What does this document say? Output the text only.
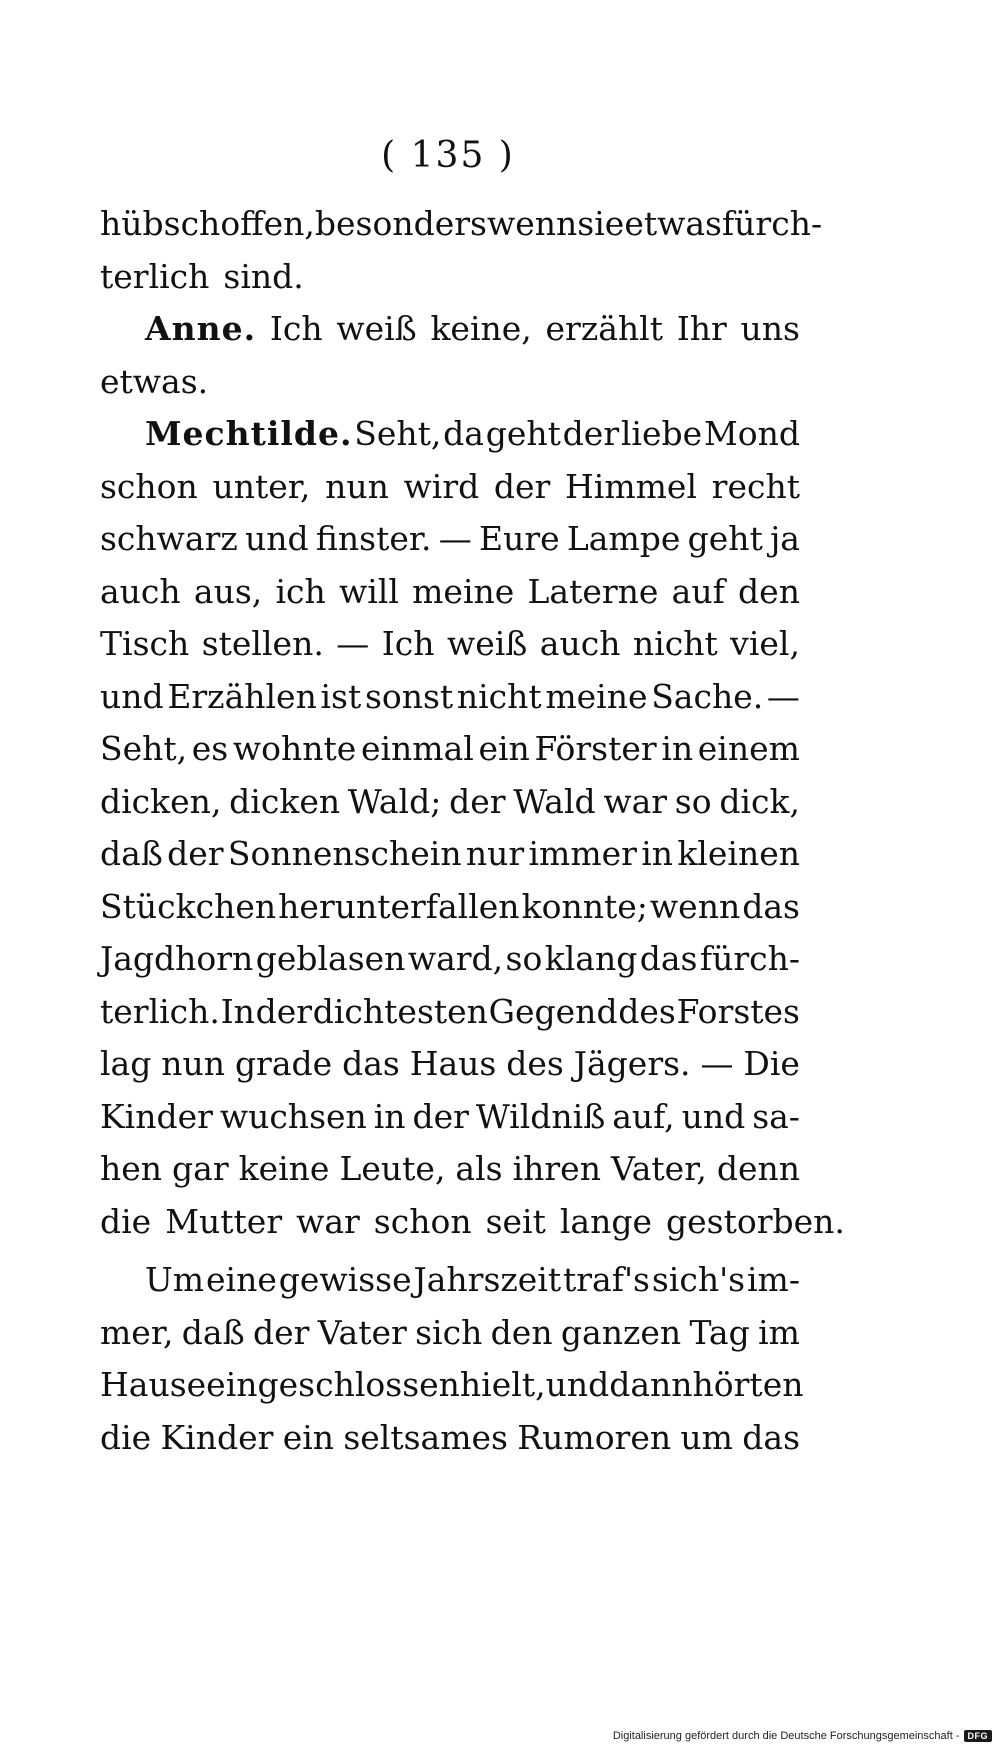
( 135 )
hübsch offen, besonders wenn sie etwas fürch-
terlich sind.
Anne. Ich weiß keine, erzählt Ihr uns
etwas.
Mechtilde. Seht, da geht der liebe Mond
schon unter, nun wird der Himmel recht
schwarz und finster. — Eure Lampe geht ja
auch aus, ich will meine Laterne auf den
Tisch stellen. — Ich weiß auch nicht viel,
und Erzählen ist sonst nicht meine Sache. —
Seht, es wohnte einmal ein Förster in einem
dicken, dicken Wald; der Wald war so dick,
daß der Sonnenschein nur immer in kleinen
Stückchen herunterfallen konnte; wenn das
Jagdhorn geblasen ward, so klang das fürch-
terlich. In der dichtesten Gegend des Forstes
lag nun grade das Haus des Jägers. — Die
Kinder wuchsen in der Wildniß auf, und sa-
hen gar keine Leute, als ihren Vater, denn
die Mutter war schon seit lange gestorben.
Um eine gewisse Jahrszeit traf's sich's im-
mer, daß der Vater sich den ganzen Tag im
Hause eingeschlossen hielt, und dann hörten
die Kinder ein seltsames Rumoren um das
Digitalisierung gefördert durch die Deutsche Forschungsgemeinschaft - DFG
